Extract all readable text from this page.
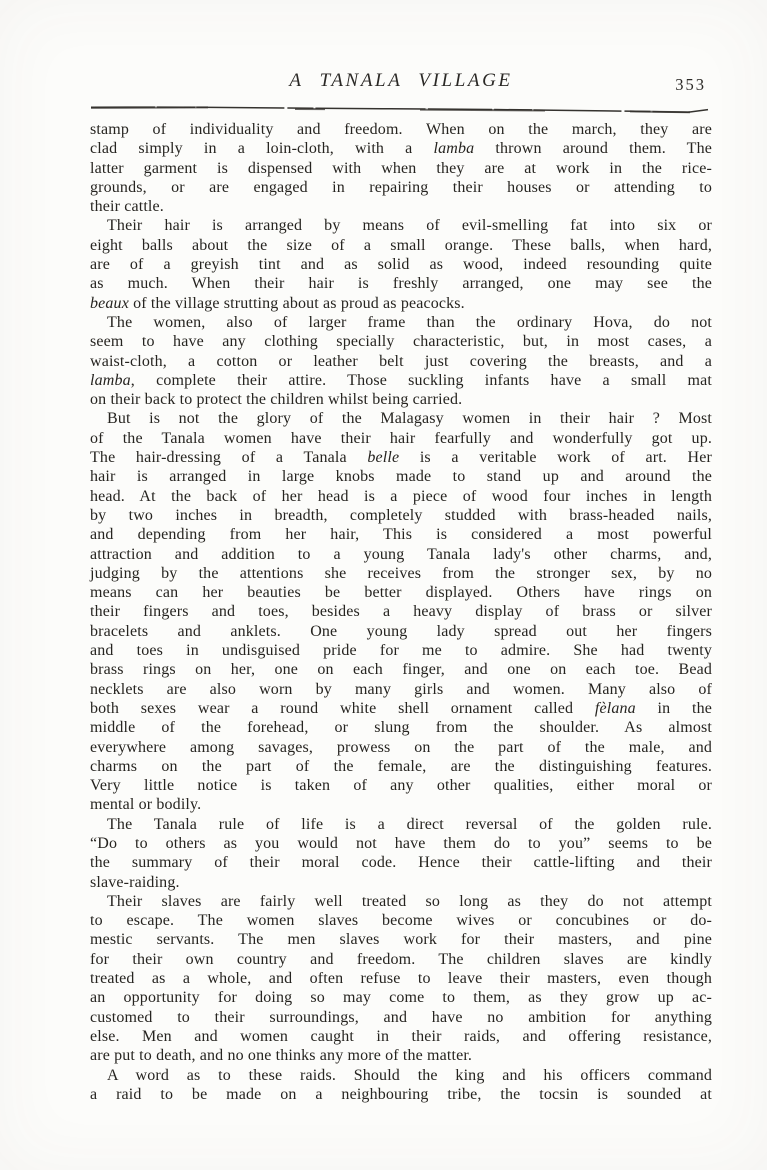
A TANALA VILLAGE	353
stamp of individuality and freedom. When on the march, they are
clad simply in a loin-cloth, with a lamba thrown around them. The
latter garment is dispensed with when they are at work in the rice-
grounds, or are engaged in repairing their houses or attending to
their cattle.
Their hair is arranged by means of evil-smelling fat into six or
eight balls about the size of a small orange. These balls, when hard,
are of a greyish tint and as solid as wood, indeed resounding quite
as much. When their hair is freshly arranged, one may see the
beaux of the village strutting about as proud as peacocks.
The women, also of larger frame than the ordinary Hova, do not
seem to have any clothing specially characteristic, but, in most cases, a
waist-cloth, a cotton or leather belt just covering the breasts, and a
lamba, complete their attire. Those suckling infants have a small mat
on their back to protect the children whilst being carried.
But is not the glory of the Malagasy women in their hair ? Most
of the Tanala women have their hair fearfully and wonderfully got up.
The hair-dressing of a Tanala belle is a veritable work of art. Her
hair is arranged in large knobs made to stand up and around the
head. At the back of her head is a piece of wood four inches in length
by two inches in breadth, completely studded with brass-headed nails,
and depending from her hair, This is considered a most powerful
attraction and addition to a young Tanala lady's other charms, and,
judging by the attentions she receives from the stronger sex, by no
means can her beauties be better displayed. Others have rings on
their fingers and toes, besides a heavy display of brass or silver
bracelets and anklets. One young lady spread out her fingers
and toes in undisguised pride for me to admire. She had twenty
brass rings on her, one on each finger, and one on each toe. Bead
necklets are also worn by many girls and women. Many also of
both sexes wear a round white shell ornament called fèlana in the
middle of the forehead, or slung from the shoulder. As almost
everywhere among savages, prowess on the part of the male, and
charms on the part of the female, are the distinguishing features.
Very little notice is taken of any other qualities, either moral or
mental or bodily.
The Tanala rule of life is a direct reversal of the golden rule.
“Do to others as you would not have them do to you” seems to be
the summary of their moral code. Hence their cattle-lifting and their
slave-raiding.
Their slaves are fairly well treated so long as they do not attempt
to escape. The women slaves become wives or concubines or do-
mestic servants. The men slaves work for their masters, and pine
for their own country and freedom. The children slaves are kindly
treated as a whole, and often refuse to leave their masters, even though
an opportunity for doing so may come to them, as they grow up ac-
customed to their surroundings, and have no ambition for anything
else. Men and women caught in their raids, and offering resistance,
are put to death, and no one thinks any more of the matter.
A word as to these raids. Should the king and his officers command
a raid to be made on a neighbouring tribe, the tocsin is sounded at
